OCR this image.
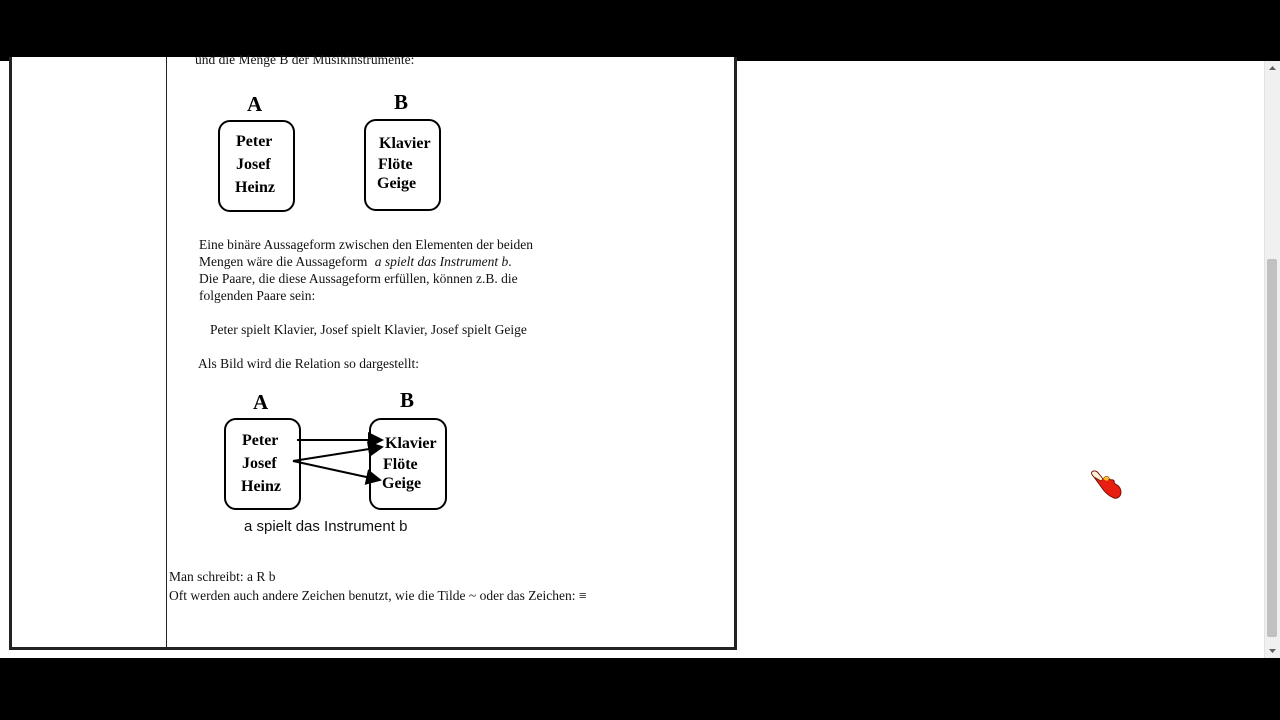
und die Menge B der Musikinstrumente:
A
Peter
Josef
Heinz
B
Klavier
Flöte
Geige
Eine binäre Aussageform zwischen den Elementen der beiden
Mengen wäre die Aussageform a spielt das Instrument b.
Die Paare, die diese Aussageform erfüllen, können z.B. die
folgenden Paare sein:
Peter spielt Klavier, Josef spielt Klavier, Josef spielt Geige
Als Bild wird die Relation so dargestellt:
A
Peter
Josef
Heinz
B
Klavier
Flöte
Geige
a spielt das Instrument b
Man schreibt: a R b
Oft werden auch andere Zeichen benutzt, wie die Tilde ~ oder das Zeichen: ≡
